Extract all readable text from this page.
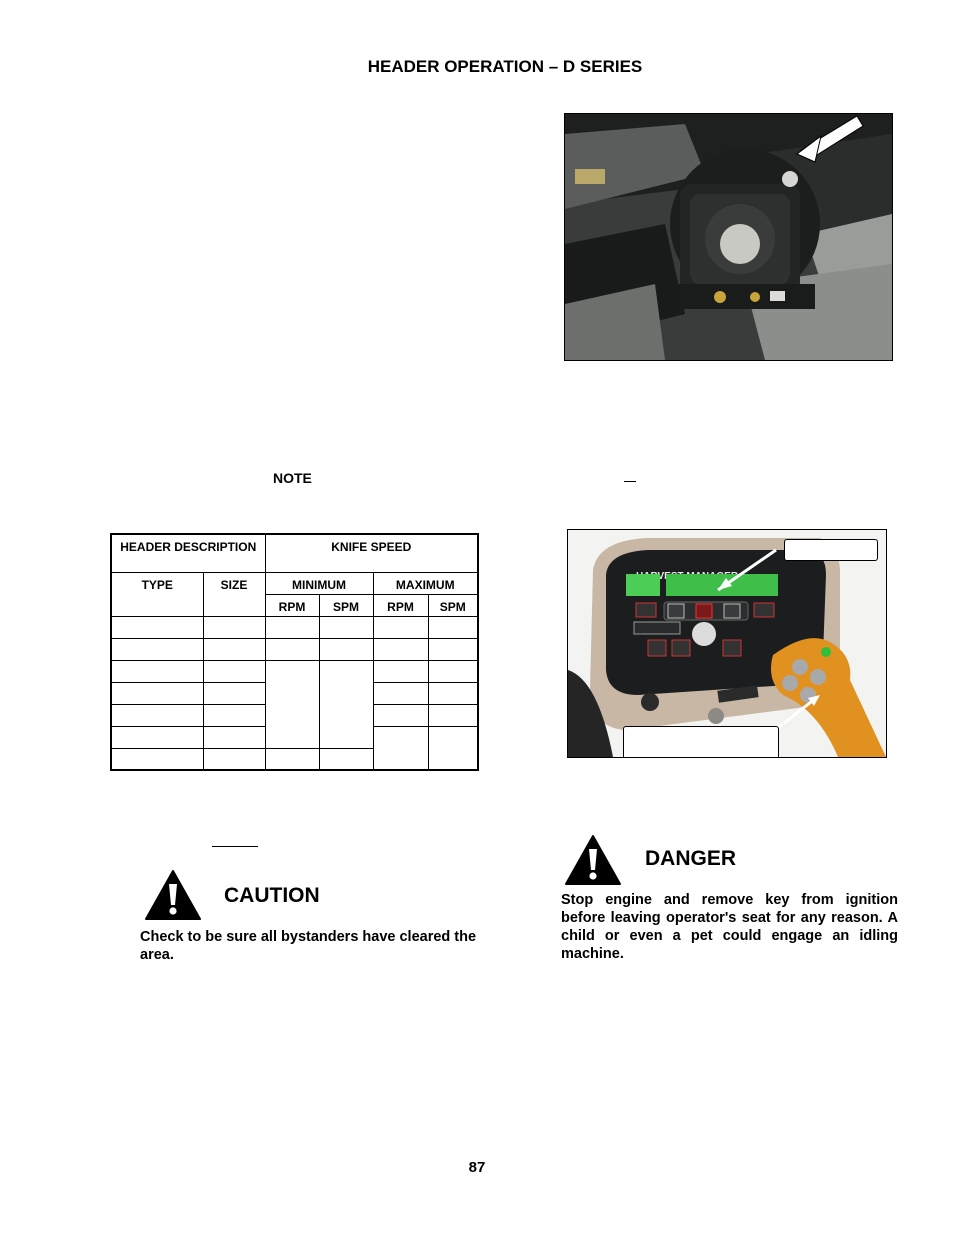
HEADER OPERATION – D SERIES
NOTE
HEADER DESCRIPTION		KNIFE SPEED			
TYPE	SIZE	MINIMUM		MAXIMUM	
		RPM	SPM	RPM	SPM

CAUTION
Check to be sure all bystanders have cleared the area.
DANGER
Stop engine and remove key from ignition before leaving operator's seat for any reason. A child or even a pet could engage an idling machine.
87
